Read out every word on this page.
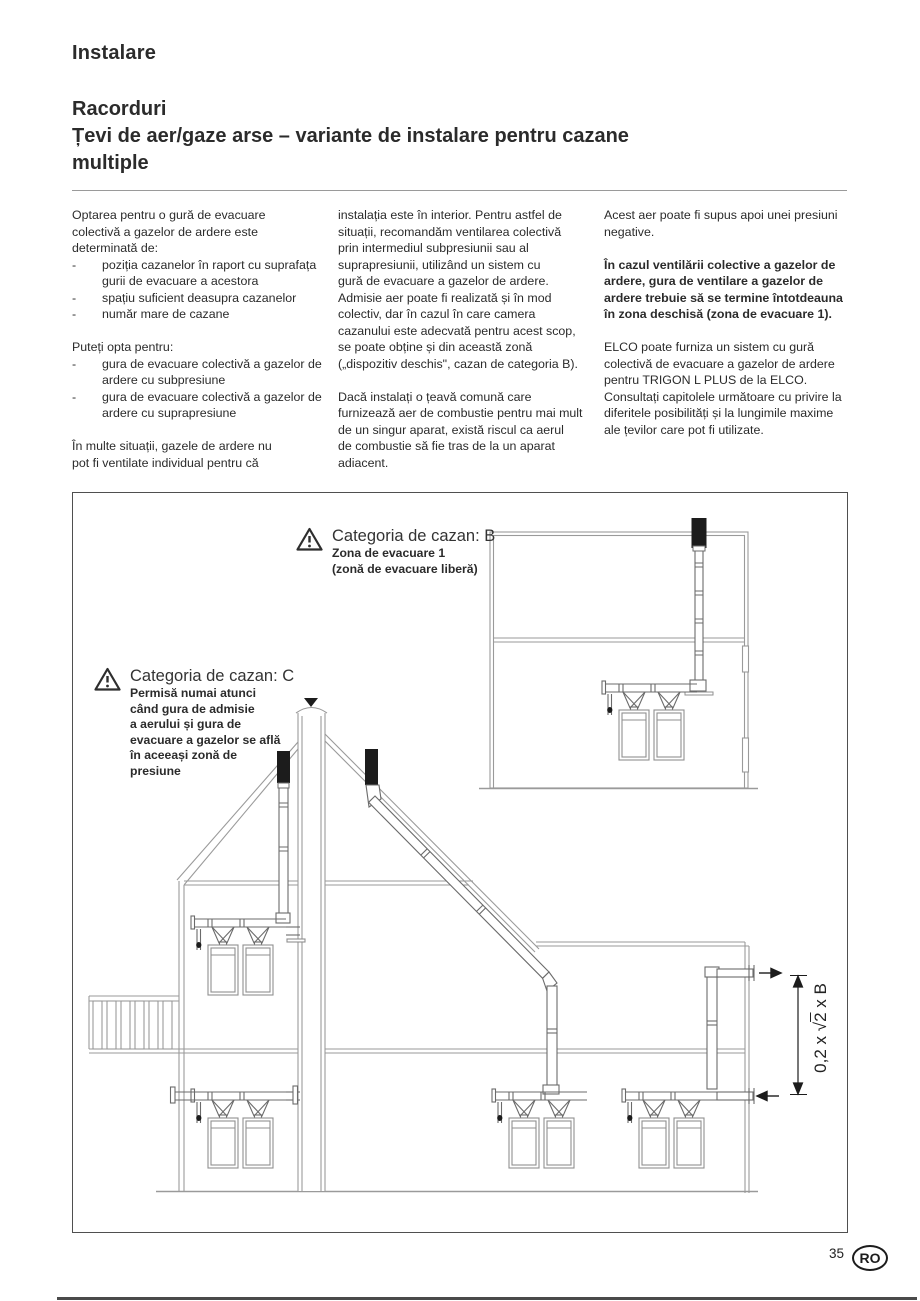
Instalare
Racorduri
Țevi de aer/gaze arse – variante de instalare pentru cazane
multiple
Optarea pentru o gură de evacuare
colectivă a gazelor de ardere este
determinată de:
-	poziția cazanelor în raport cu suprafața
gurii de evacuare a acestora
-	spațiu suficient deasupra cazanelor
-	număr mare de cazane

Puteți opta pentru:
-	gura de evacuare colectivă a gazelor de
ardere cu subpresiune
-	gura de evacuare colectivă a gazelor de
ardere cu suprapresiune

În multe situații, gazele de ardere nu
pot fi ventilate individual pentru că
instalația este în interior. Pentru astfel de
situații, recomandăm ventilarea colectivă
prin intermediul subpresiunii sau al
suprapresiunii, utilizând un sistem cu
gură de evacuare a gazelor de ardere.
Admisie aer poate fi realizată și în mod
colectiv, dar în cazul în care camera
cazanului este adecvată pentru acest scop,
se poate obține și din această zonă
(„dispozitiv deschis", cazan de categoria B).

Dacă instalați o țeavă comună care
furnizează aer de combustie pentru mai mult
de un singur aparat, există riscul ca aerul
de combustie să fie tras de la un aparat
adiacent.
Acest aer poate fi supus apoi unei presiuni
negative.

În cazul ventilării colective a gazelor de
ardere, gura de ventilare a gazelor de
ardere trebuie să se termine întotdeauna
în zona deschisă (zona de evacuare 1).

ELCO poate furniza un sistem cu gură
colectivă de evacuare a gazelor de ardere
pentru TRIGON L PLUS de la ELCO.
Consultați capitolele următoare cu privire la
diferitele posibilități și la lungimile maxime
ale țevilor care pot fi utilizate.
Categoria de cazan: B
Zona de evacuare 1
(zonă de evacuare liberă)
Categoria de cazan: C
Permisă numai atunci
când gura de admisie
a aerului și gura de
evacuare a gazelor se află
în aceeași zonă de
presiune
0,2 x √2 x B
35	RO
